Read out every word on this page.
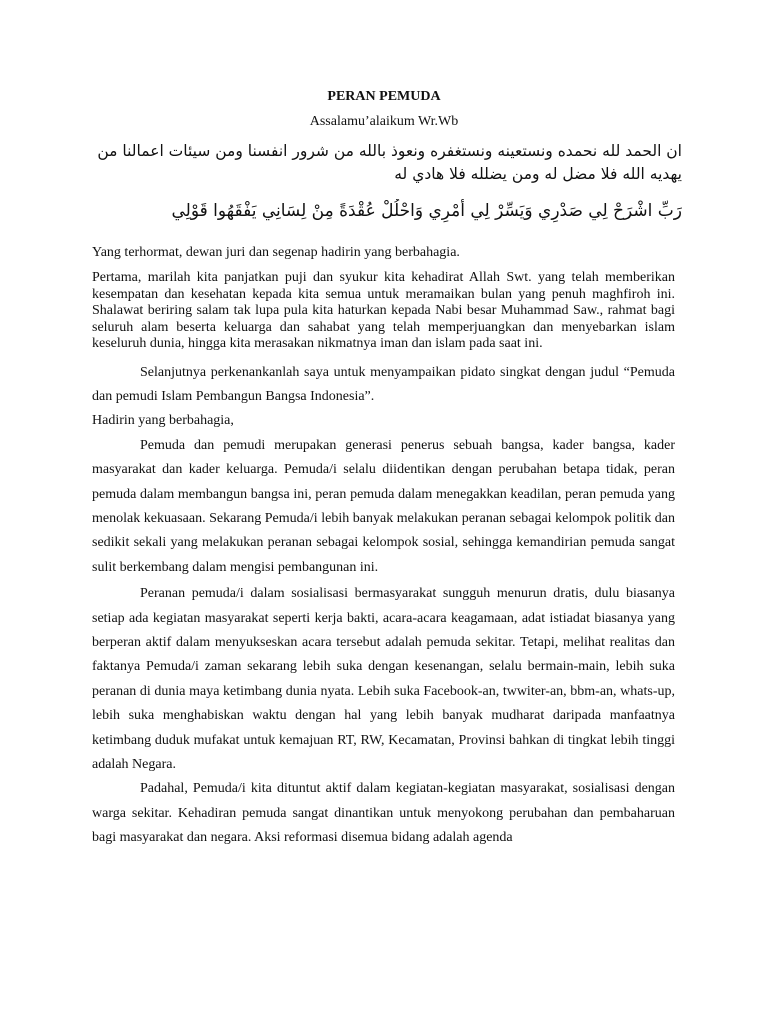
PERAN PEMUDA
Assalamu’alaikum Wr.Wb
ان الحمد لله نحمده ونستعينه ونستغفره ونعوذ بالله من شرور انفسنا ومن سيئات اعمالنا من
يهديه الله فلا مضل له ومن يضلله فلا هادي له
رَبِّ اشْرَحْ لِي صَدْرِي وَيَسِّرْ لِي أَمْرِي وَاحْلُلْ عُقْدَةً مِنْ لِسَانِي يَفْقَهُوا قَوْلِي

Yang terhormat, dewan juri dan segenap hadirin yang berbahagia.

Pertama, marilah kita panjatkan puji dan syukur kita kehadirat Allah Swt. yang telah memberikan kesempatan dan kesehatan kepada kita semua untuk meramaikan bulan yang penuh maghfiroh ini. Shalawat beriring salam tak lupa pula kita haturkan kepada Nabi besar Muhammad Saw., rahmat bagi seluruh alam beserta keluarga dan sahabat yang telah memperjuangkan dan menyebarkan islam keseluruh dunia, hingga kita merasakan nikmatnya iman dan islam pada saat ini.

Selanjutnya perkenankanlah saya untuk menyampaikan pidato singkat dengan judul “Pemuda dan pemudi Islam Pembangun Bangsa Indonesia”.

Hadirin yang berbahagia,

Pemuda dan pemudi merupakan generasi penerus sebuah bangsa, kader bangsa, kader masyarakat dan kader keluarga. Pemuda/i selalu diidentikan dengan perubahan betapa tidak, peran pemuda dalam membangun bangsa ini, peran pemuda dalam menegakkan keadilan, peran pemuda yang menolak kekuasaan. Sekarang Pemuda/i lebih banyak melakukan peranan sebagai kelompok politik dan sedikit sekali yang melakukan peranan sebagai kelompok sosial, sehingga kemandirian pemuda sangat sulit berkembang dalam mengisi pembangunan ini.

Peranan pemuda/i dalam sosialisasi bermasyarakat sungguh menurun dratis, dulu biasanya setiap ada kegiatan masyarakat seperti kerja bakti, acara-acara keagamaan, adat istiadat biasanya yang berperan aktif dalam menyukseskan acara tersebut adalah pemuda sekitar. Tetapi, melihat realitas dan faktanya Pemuda/i zaman sekarang lebih suka dengan kesenangan, selalu bermain-main, lebih suka peranan di dunia maya ketimbang dunia nyata. Lebih suka Facebook-an, twwiter-an, bbm-an, whats-up, lebih suka menghabiskan waktu dengan hal yang lebih banyak mudharat daripada manfaatnya ketimbang duduk mufakat untuk kemajuan RT, RW, Kecamatan, Provinsi bahkan di tingkat lebih tinggi adalah Negara.

Padahal, Pemuda/i kita dituntut aktif dalam kegiatan-kegiatan masyarakat, sosialisasi dengan warga sekitar. Kehadiran pemuda sangat dinantikan untuk menyokong perubahan dan pembaharuan bagi masyarakat dan negara. Aksi reformasi disemua bidang adalah agenda
